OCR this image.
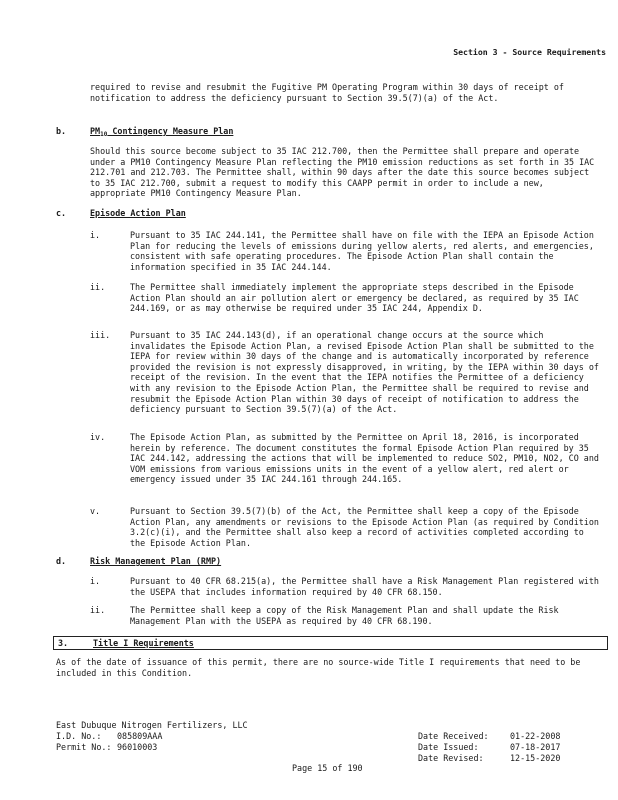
Section 3 - Source Requirements
required to revise and resubmit the Fugitive PM Operating Program within 30 days of receipt of notification to address the deficiency pursuant to Section 39.5(7)(a) of the Act.
b.	$PM_{10}$ Contingency Measure Plan
Should this source become subject to 35 IAC 212.700, then the Permittee shall prepare and operate under a PM10 Contingency Measure Plan reflecting the PM10 emission reductions as set forth in 35 IAC 212.701 and 212.703. The Permittee shall, within 90 days after the date this source becomes subject to 35 IAC 212.700, submit a request to modify this CAAPP permit in order to include a new, appropriate PM10 Contingency Measure Plan.
c.	Episode Action Plan
i.	Pursuant to 35 IAC 244.141, the Permittee shall have on file with the IEPA an Episode Action Plan for reducing the levels of emissions during yellow alerts, red alerts, and emergencies, consistent with safe operating procedures. The Episode Action Plan shall contain the information specified in 35 IAC 244.144.
ii.	The Permittee shall immediately implement the appropriate steps described in the Episode Action Plan should an air pollution alert or emergency be declared, as required by 35 IAC 244.169, or as may otherwise be required under 35 IAC 244, Appendix D.
iii. Pursuant to 35 IAC 244.143(d), if an operational change occurs at the source which invalidates the Episode Action Plan, a revised Episode Action Plan shall be submitted to the IEPA for review within 30 days of the change and is automatically incorporated by reference provided the revision is not expressly disapproved, in writing, by the IEPA within 30 days of receipt of the revision. In the event that the IEPA notifies the Permittee of a deficiency with any revision to the Episode Action Plan, the Permittee shall be required to revise and resubmit the Episode Action Plan within 30 days of receipt of notification to address the deficiency pursuant to Section 39.5(7)(a) of the Act.
iv.	The Episode Action Plan, as submitted by the Permittee on April 18, 2016, is incorporated herein by reference. The document constitutes the formal Episode Action Plan required by 35 IAC 244.142, addressing the actions that will be implemented to reduce SO2, PM10, NO2, CO and VOM emissions from various emissions units in the event of a yellow alert, red alert or emergency issued under 35 IAC 244.161 through 244.165.
v.	Pursuant to Section 39.5(7)(b) of the Act, the Permittee shall keep a copy of the Episode Action Plan, any amendments or revisions to the Episode Action Plan (as required by Condition 3.2(c)(i), and the Permittee shall also keep a record of activities completed according to the Episode Action Plan.
d.	Risk Management Plan (RMP)
i.	Pursuant to 40 CFR 68.215(a), the Permittee shall have a Risk Management Plan registered with the USEPA that includes information required by 40 CFR 68.150.
ii.	The Permittee shall keep a copy of the Risk Management Plan and shall update the Risk Management Plan with the USEPA as required by 40 CFR 68.190.
3.	Title I Requirements
As of the date of issuance of this permit, there are no source-wide Title I requirements that need to be included in this Condition.
East Dubuque Nitrogen Fertilizers, LLC
I.D. No.: 085809AAA
Permit No.: 96010003
Date Received:	01-22-2008
Date Issued:	07-18-2017
Date Revised:	12-15-2020
Page 15 of 190
